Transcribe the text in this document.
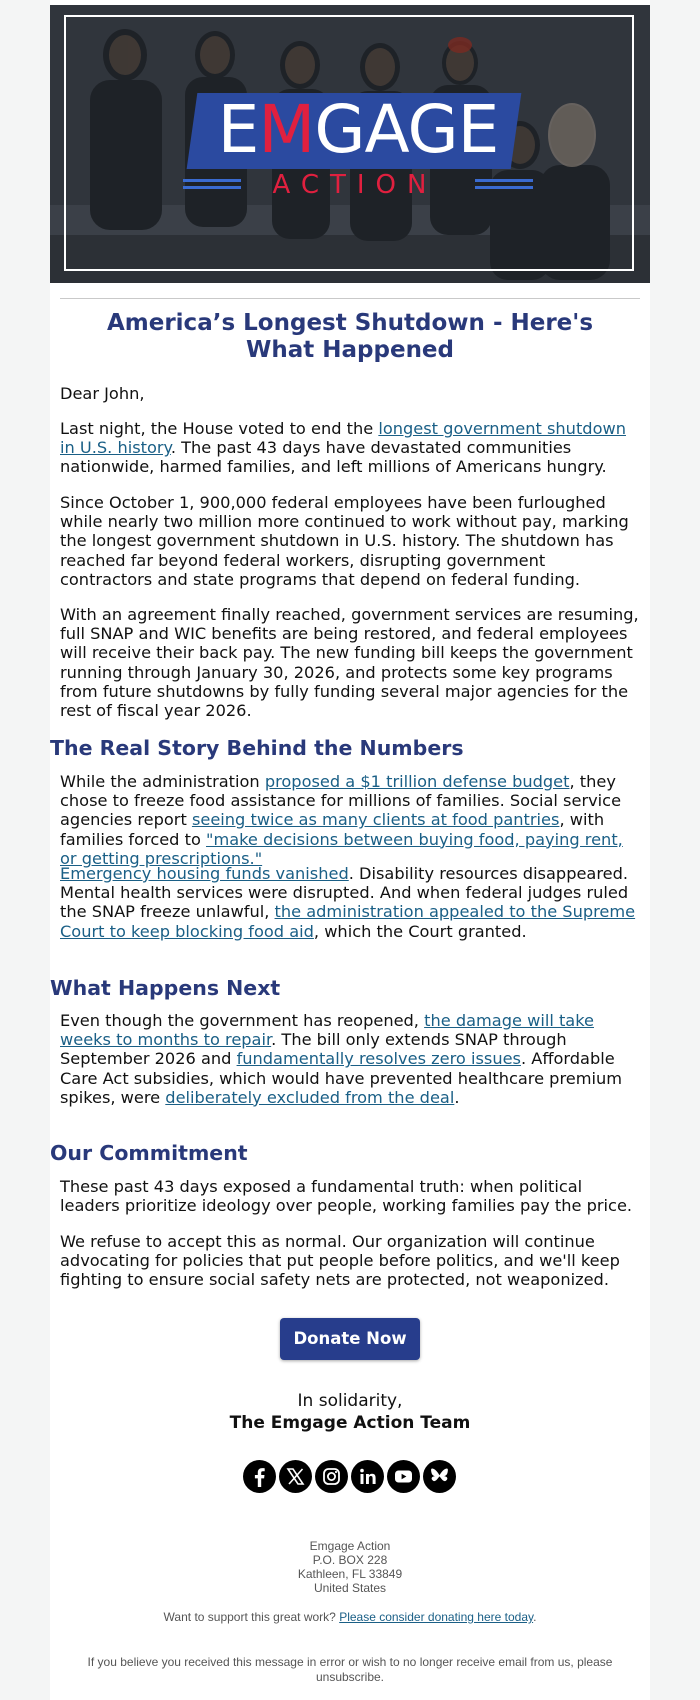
EMGAGE
ACTION
America’s Longest Shutdown - Here's What Happened
Dear John,
Last night, the House voted to end the longest government shutdown in U.S. history. The past 43 days have devastated communities nationwide, harmed families, and left millions of Americans hungry.
Since October 1, 900,000 federal employees have been furloughed while nearly two million more continued to work without pay, marking the longest government shutdown in U.S. history. The shutdown has reached far beyond federal workers, disrupting government contractors and state programs that depend on federal funding.
With an agreement finally reached, government services are resuming, full SNAP and WIC benefits are being restored, and federal employees will receive their back pay. The new funding bill keeps the government running through January 30, 2026, and protects some key programs from future shutdowns by fully funding several major agencies for the rest of fiscal year 2026.
The Real Story Behind the Numbers
While the administration proposed a $1 trillion defense budget, they chose to freeze food assistance for millions of families. Social service agencies report seeing twice as many clients at food pantries, with families forced to "make decisions between buying food, paying rent, or getting prescriptions."
Emergency housing funds vanished. Disability resources disappeared. Mental health services were disrupted. And when federal judges ruled the SNAP freeze unlawful, the administration appealed to the Supreme Court to keep blocking food aid, which the Court granted.
What Happens Next
Even though the government has reopened, the damage will take weeks to months to repair. The bill only extends SNAP through September 2026 and fundamentally resolves zero issues. Affordable Care Act subsidies, which would have prevented healthcare premium spikes, were deliberately excluded from the deal.
Our Commitment
These past 43 days exposed a fundamental truth: when political leaders prioritize ideology over people, working families pay the price.
We refuse to accept this as normal. Our organization will continue advocating for policies that put people before politics, and we'll keep fighting to ensure social safety nets are protected, not weaponized.
Donate Now
In solidarity,
The Emgage Action Team
Emgage Action
P.O. BOX 228
Kathleen, FL 33849
United States
Want to support this great work? Please consider donating here today.
If you believe you received this message in error or wish to no longer receive email from us, please unsubscribe.
